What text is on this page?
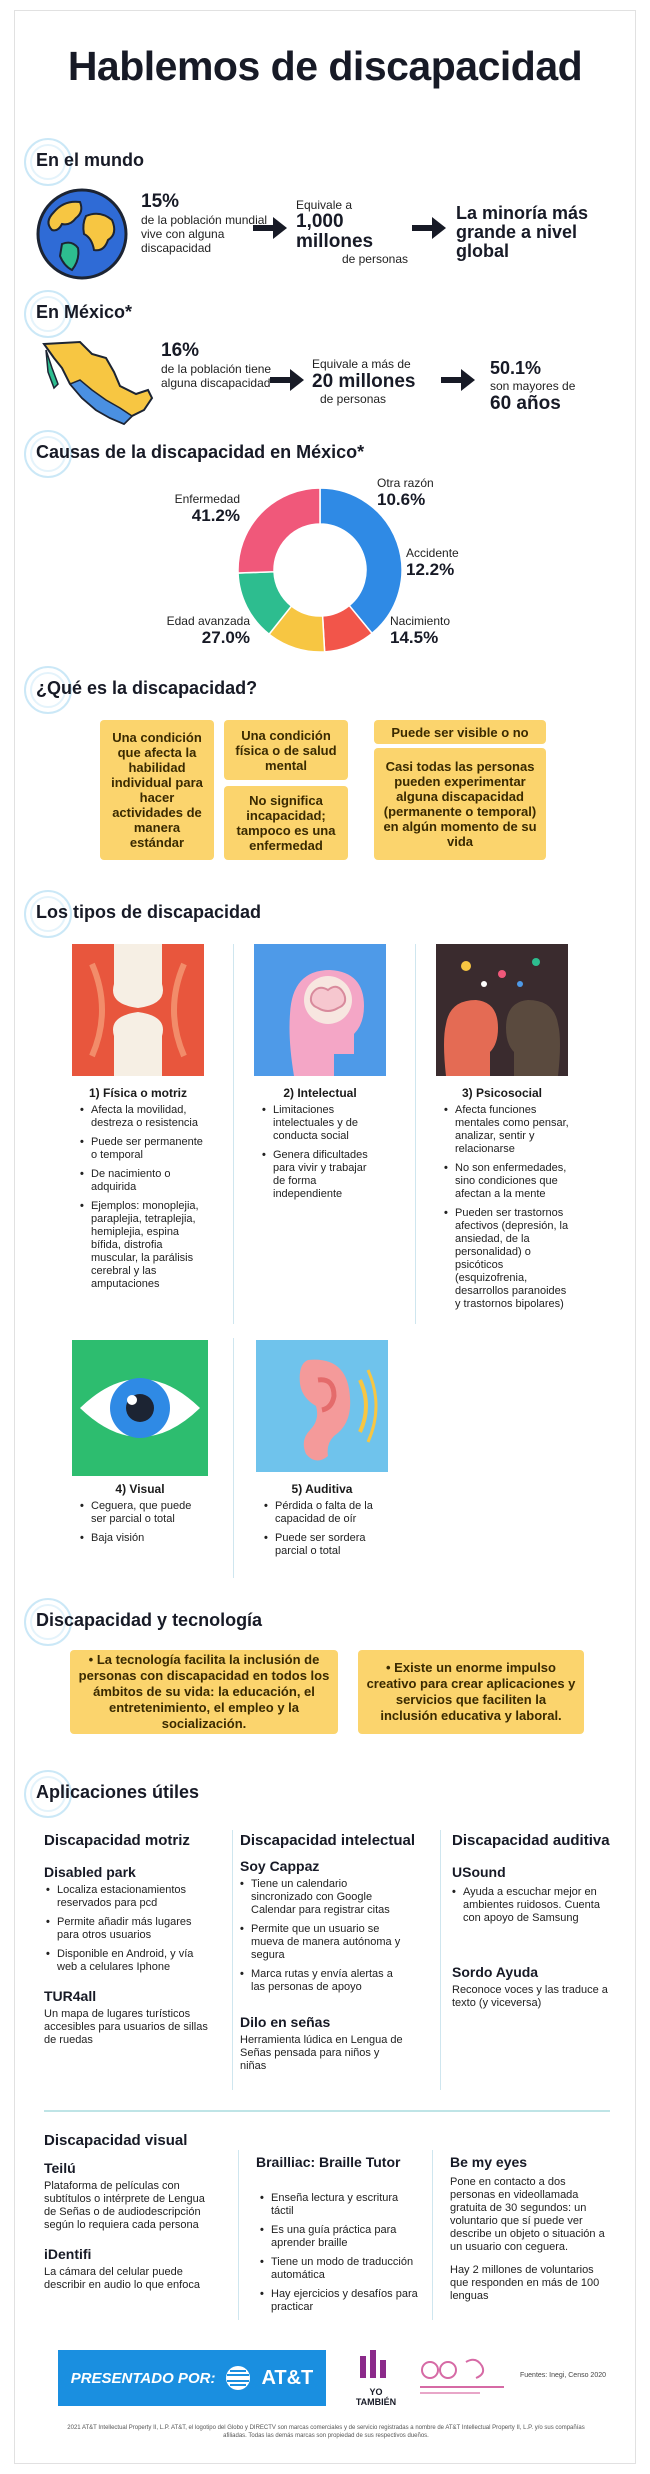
Hablemos de discapacidad
En el mundo
15%
de la población mundial vive con alguna discapacidad
Equivale a
1,000 millones
de personas
La minoría más grande a nivel global
En México*
16%
de la población tiene alguna discapacidad
Equivale a más de
20 millones
de personas
50.1%
son mayores de
60 años
Causas de la discapacidad en México*
Enfermedad
41.2%
Otra razón
10.6%
Accidente
12.2%
Nacimiento
14.5%
Edad avanzada
27.0%
¿Qué es la discapacidad?
Una condición que afecta la habilidad individual para hacer actividades de manera estándar
Una condición física o de salud mental
No significa incapacidad; tampoco es una enfermedad
Puede ser visible o no
Casi todas las personas pueden experimentar alguna discapacidad (permanente o temporal) en algún momento de su vida
Los tipos de discapacidad
1) Física o motriz
• Afecta la movilidad, destreza o resistencia
• Puede ser permanente o temporal
• De nacimiento o adquirida
• Ejemplos: monoplejia, paraplejia, tetraplejia, hemiplejia, espina bífida, distrofia muscular, la parálisis cerebral y las amputaciones
2) Intelectual
• Limitaciones intelectuales y de conducta social
• Genera dificultades para vivir y trabajar de forma independiente
3) Psicosocial
• Afecta funciones mentales como pensar, analizar, sentir y relacionarse
• No son enfermedades, sino condiciones que afectan a la mente
• Pueden ser trastornos afectivos (depresión, la ansiedad, de la personalidad) o psicóticos (esquizofrenia, desarrollos paranoides y trastornos bipolares)
4) Visual
• Ceguera, que puede ser parcial o total
• Baja visión
5) Auditiva
• Pérdida o falta de la capacidad de oír
• Puede ser sordera parcial o total
Discapacidad y tecnología
• La tecnología facilita la inclusión de personas con discapacidad en todos los ámbitos de su vida: la educación, el entretenimiento, el empleo y la socialización.
• Existe un enorme impulso creativo para crear aplicaciones y servicios que faciliten la inclusión educativa y laboral.
Aplicaciones útiles
Discapacidad motriz
Disabled park
• Localiza estacionamientos reservados para pcd
• Permite añadir más lugares para otros usuarios
• Disponible en Android, y vía web a celulares Iphone
TUR4all
Un mapa de lugares turísticos accesibles para usuarios de sillas de ruedas
Discapacidad intelectual
Soy Cappaz
• Tiene un calendario sincronizado con Google Calendar para registrar citas
• Permite que un usuario se mueva de manera autónoma y segura
• Marca rutas y envía alertas a las personas de apoyo
Dilo en señas
Herramienta lúdica en Lengua de Señas pensada para niños y niñas
Discapacidad auditiva
USound
• Ayuda a escuchar mejor en ambientes ruidosos. Cuenta con apoyo de Samsung
Sordo Ayuda
Reconoce voces y las traduce a texto (y viceversa)
Discapacidad visual
Teilú
Plataforma de películas con subtítulos o intérprete de Lengua de Señas o de audiodescripción según lo requiera cada persona
iDentifi
La cámara del celular puede describir en audio lo que enfoca
Brailliac: Braille Tutor
• Enseña lectura y escritura táctil
• Es una guía práctica para aprender braille
• Tiene un modo de traducción automática
• Hay ejercicios y desafíos para practicar
Be my eyes
Pone en contacto a dos personas en videollamada gratuita de 30 segundos: un voluntario que sí puede ver describe un objeto o situación a un usuario con ceguera.
Hay 2 millones de voluntarios que responden en más de 100 lenguas
PRESENTADO POR: AT&T
YO
TAMBIÉN
Fuentes: Inegi, Censo 2020
2021 AT&T Intellectual Property II, L.P. AT&T, el logotipo del Globo y DIRECTV son marcas comerciales y de servicio registradas a nombre de AT&T Intellectual Property II, L.P. y/o sus compañías afiliadas. Todas las demás marcas son propiedad de sus respectivos dueños.
